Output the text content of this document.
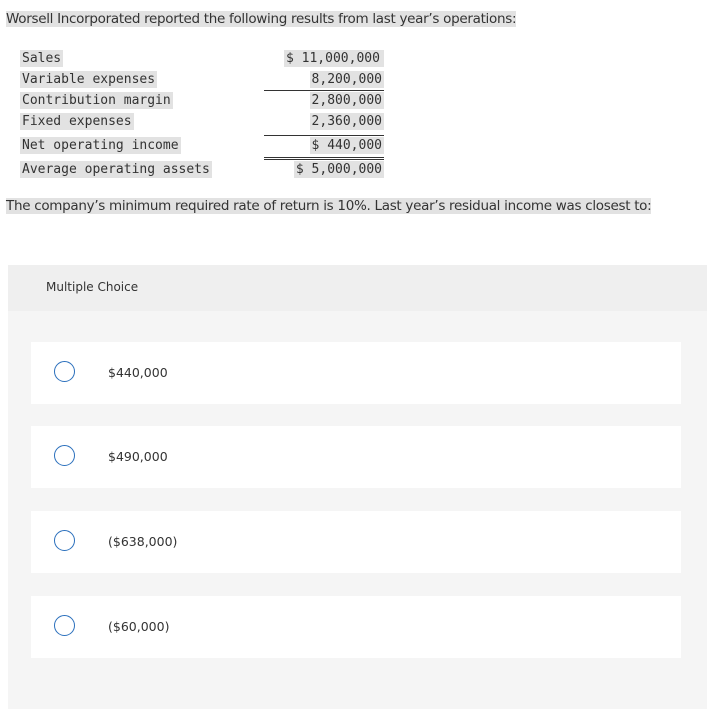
Worsell Incorporated reported the following results from last year’s operations:
Sales	$ 11,000,000
Variable expenses	8,200,000
Contribution margin	2,800,000
Fixed expenses	2,360,000
Net operating income	$ 440,000
Average operating assets	$ 5,000,000
The company’s minimum required rate of return is 10%. Last year’s residual income was closest to:
Multiple Choice
$440,000
$490,000
($638,000)
($60,000)
